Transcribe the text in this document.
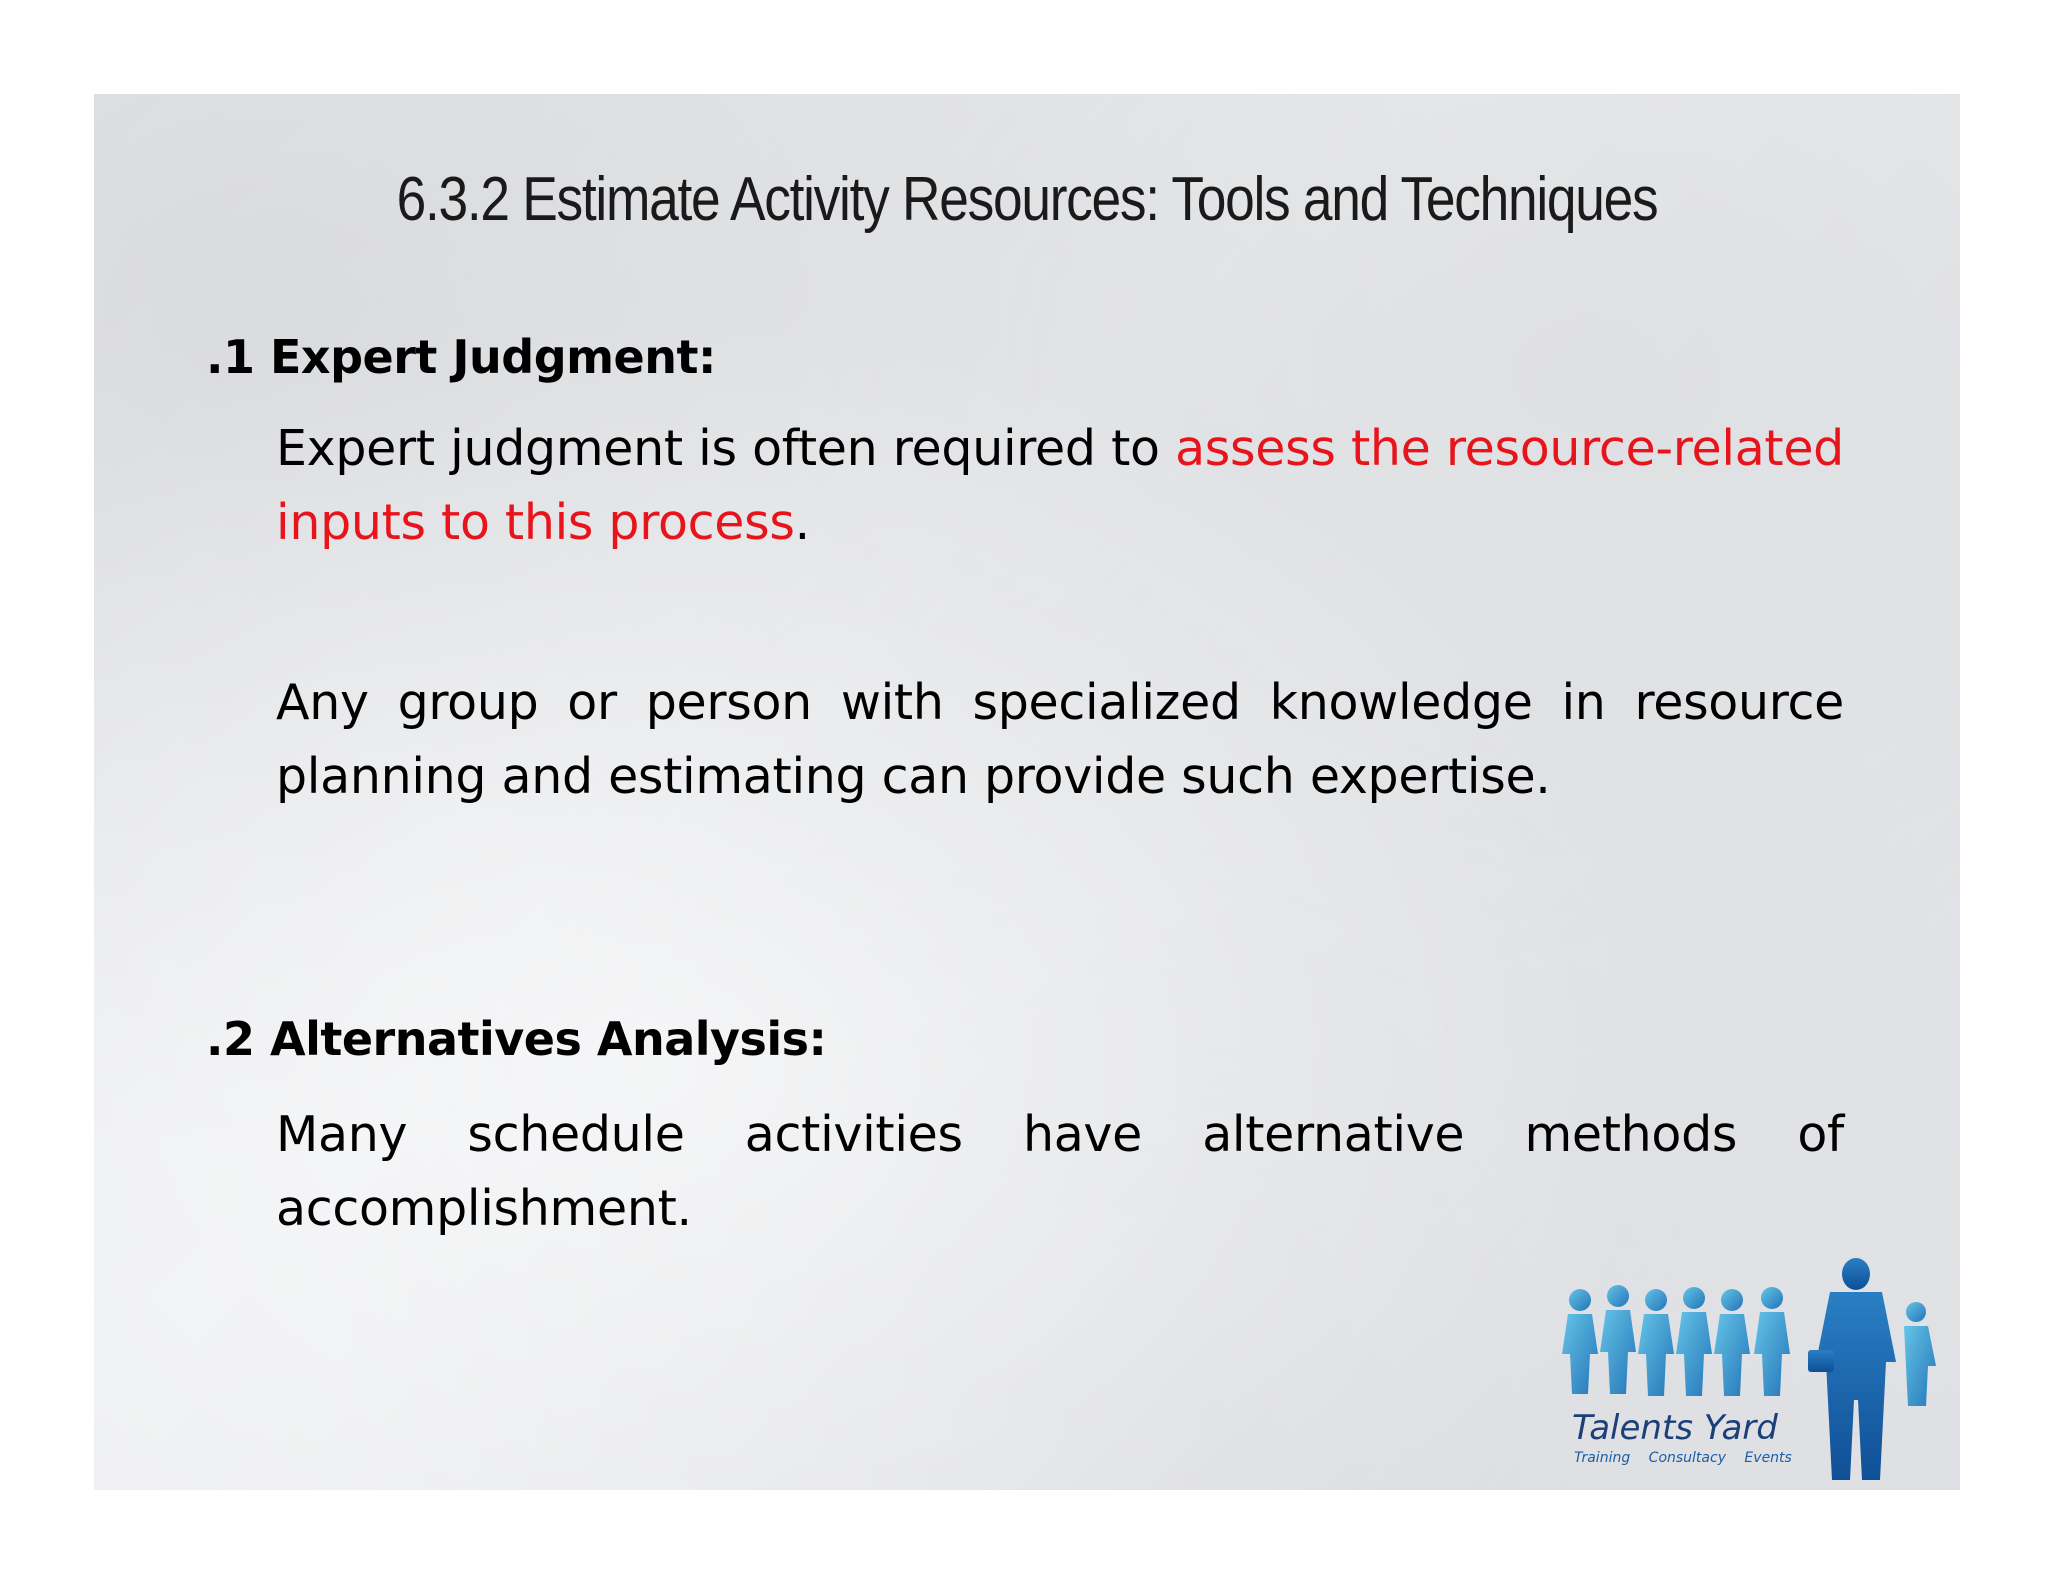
6.3.2 Estimate Activity Resources: Tools and Techniques
.1 Expert Judgment:
Expert judgment is often required to assess the resource-related inputs to this process.
Any group or person with specialized knowledge in resource planning and estimating can provide such expertise.
.2 Alternatives Analysis:
Many schedule activities have alternative methods of accomplishment.
Talents Yard
Training Consultacy Events
